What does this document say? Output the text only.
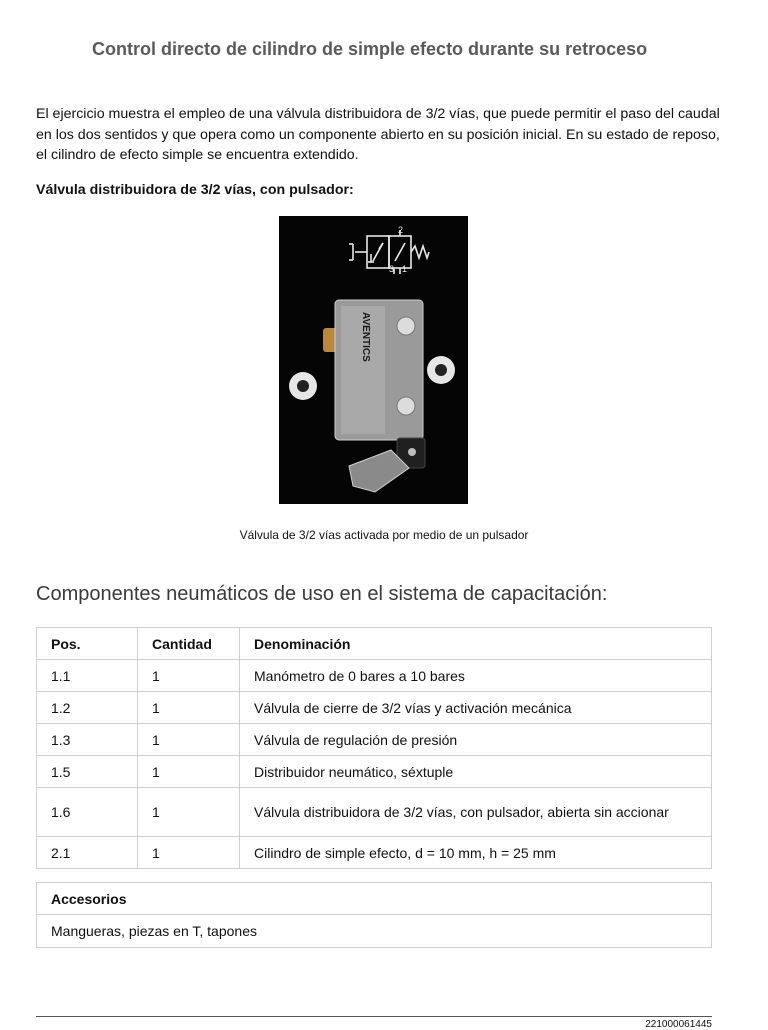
Control directo de cilindro de simple efecto durante su retroceso
El ejercicio muestra el empleo de una válvula distribuidora de 3/2 vías, que puede permitir el paso del caudal en los dos sentidos y que opera como un componente abierto en su posición inicial. En su estado de reposo, el cilindro de efecto simple se encuentra extendido.
Válvula distribuidora de 3/2 vías, con pulsador:
2
3 1
AVENTICS
Válvula de 3/2 vías activada por medio de un pulsador
Componentes neumáticos de uso en el sistema de capacitación:
Pos.	Cantidad	Denominación
1.1	1	Manómetro de 0 bares a 10 bares
1.2	1	Válvula de cierre de 3/2 vías y activación mecánica
1.3	1	Válvula de regulación de presión
1.5	1	Distribuidor neumático, séxtuple
1.6	1	Válvula distribuidora de 3/2 vías, con pulsador, abierta sin accionar
2.1	1	Cilindro de simple efecto, d = 10 mm, h = 25 mm
Accesorios
Mangueras, piezas en T, tapones
221000061445
